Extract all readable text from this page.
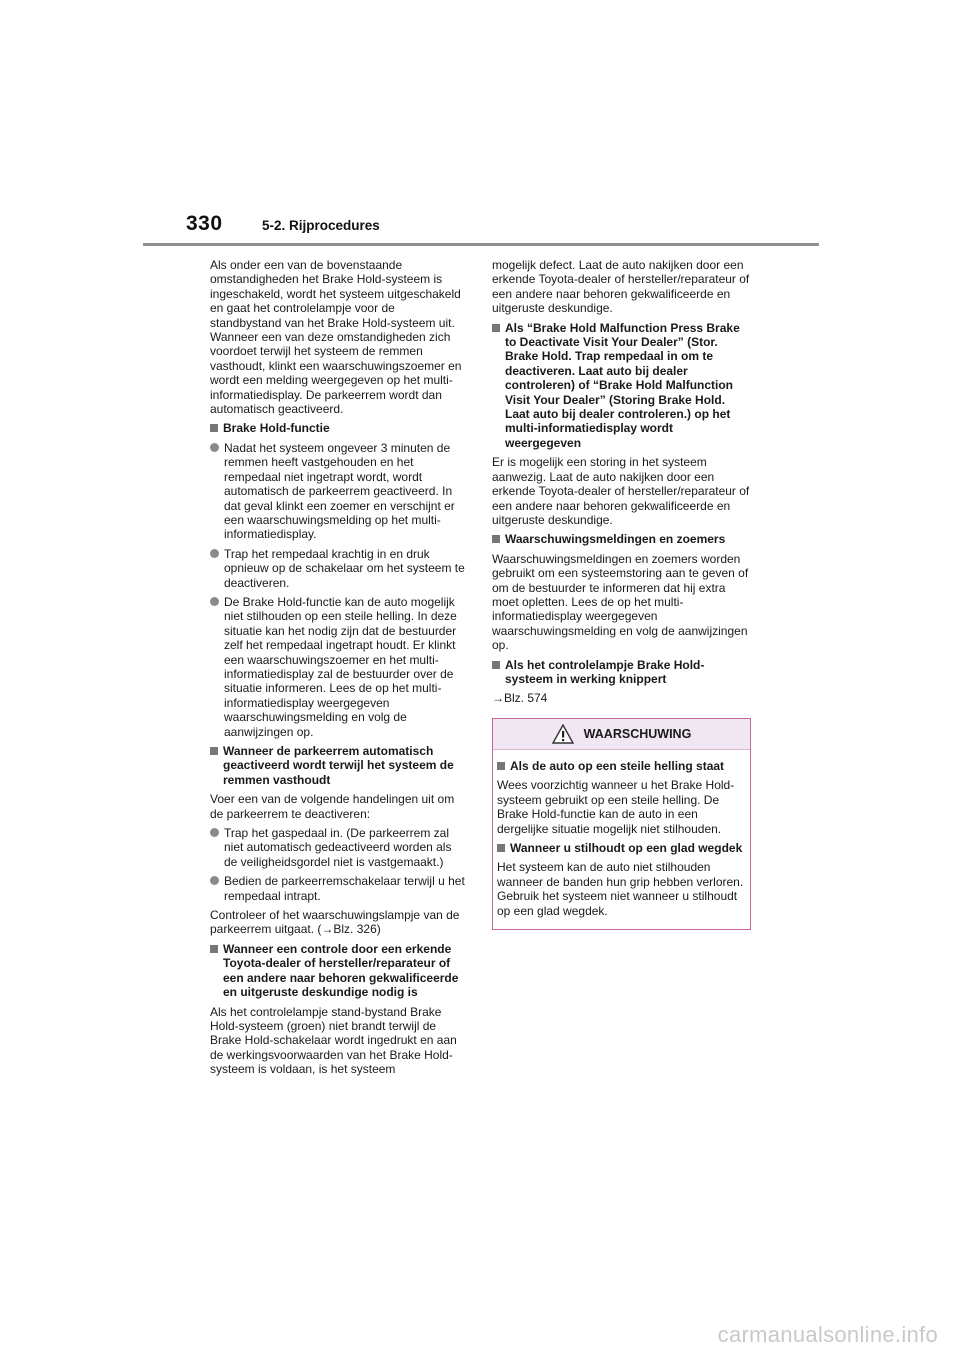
330	5-2. Rijprocedures

Als onder een van de bovenstaande omstandigheden het Brake Hold-systeem is ingeschakeld, wordt het systeem uitgeschakeld en gaat het controlelampje voor de standbystand van het Brake Hold-systeem uit. Wanneer een van deze omstandigheden zich voordoet terwijl het systeem de remmen vasthoudt, klinkt een waarschuwingszoemer en wordt een melding weergegeven op het multi-informatiedisplay. De parkeerrem wordt dan automatisch geactiveerd.

Brake Hold-functie
Nadat het systeem ongeveer 3 minuten de remmen heeft vastgehouden en het rempedaal niet ingetrapt wordt, wordt automatisch de parkeerrem geactiveerd. In dat geval klinkt een zoemer en verschijnt er een waarschuwingsmelding op het multi-informatiedisplay.
Trap het rempedaal krachtig in en druk opnieuw op de schakelaar om het systeem te deactiveren.
De Brake Hold-functie kan de auto mogelijk niet stilhouden op een steile helling. In deze situatie kan het nodig zijn dat de bestuurder zelf het rempedaal ingetrapt houdt. Er klinkt een waarschuwingszoemer en het multi-informatiedisplay zal de bestuurder over de situatie informeren. Lees de op het multi-informatiedisplay weergegeven waarschuwingsmelding en volg de aanwijzingen op.
Wanneer de parkeerrem automatisch geactiveerd wordt terwijl het systeem de remmen vasthoudt

Voer een van de volgende handelingen uit om de parkeerrem te deactiveren:

Trap het gaspedaal in. (De parkeerrem zal niet automatisch gedeactiveerd worden als de veiligheidsgordel niet is vastgemaakt.)
Bedien de parkeerremschakelaar terwijl u het rempedaal intrapt.

Controleer of het waarschuwingslampje van de parkeerrem uitgaat. (→Blz. 326)

Wanneer een controle door een erkende Toyota-dealer of hersteller/reparateur of een andere naar behoren gekwalificeerde en uitgeruste deskundige nodig is

Als het controlelampje stand-bystand Brake Hold-systeem (groen) niet brandt terwijl de Brake Hold-schakelaar wordt ingedrukt en aan de werkingsvoorwaarden van het Brake Hold-systeem is voldaan, is het systeem

mogelijk defect. Laat de auto nakijken door een erkende Toyota-dealer of hersteller/reparateur of een andere naar behoren gekwalificeerde en uitgeruste deskundige.

Als “Brake Hold Malfunction Press Brake to Deactivate Visit Your Dealer” (Stor. Brake Hold. Trap rempedaal in om te deactiveren. Laat auto bij dealer controleren) of “Brake Hold Malfunction Visit Your Dealer” (Storing Brake Hold. Laat auto bij dealer controleren.) op het multi-informatiedisplay wordt weergegeven

Er is mogelijk een storing in het systeem aanwezig. Laat de auto nakijken door een erkende Toyota-dealer of hersteller/reparateur of een andere naar behoren gekwalificeerde en uitgeruste deskundige.

Waarschuwingsmeldingen en zoemers

Waarschuwingsmeldingen en zoemers worden gebruikt om een systeemstoring aan te geven of om de bestuurder te informeren dat hij extra moet opletten. Lees de op het multi-informatiedisplay weergegeven waarschuwingsmelding en volg de aanwijzingen op.

Als het controlelampje Brake Hold-systeem in werking knippert

→Blz. 574

WAARSCHUWING
Als de auto op een steile helling staat

Wees voorzichtig wanneer u het Brake Hold-systeem gebruikt op een steile helling. De Brake Hold-functie kan de auto in een dergelijke situatie mogelijk niet stilhouden.

Wanneer u stilhoudt op een glad wegdek

Het systeem kan de auto niet stilhouden wanneer de banden hun grip hebben verloren. Gebruik het systeem niet wanneer u stilhoudt op een glad wegdek.

carmanualsonline.info
